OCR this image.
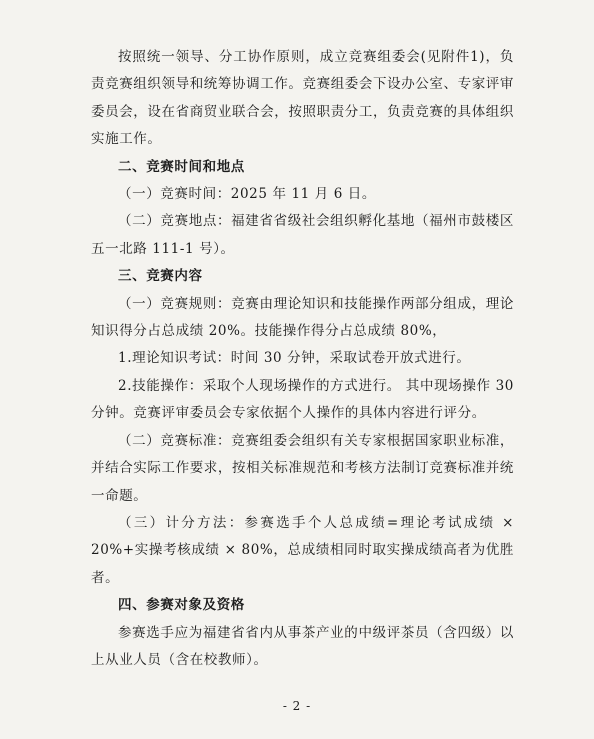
按照统一领导、分工协作原则，成立竞赛组委会(见附件1)，负责竞赛组织领导和统筹协调工作。竞赛组委会下设办公室、专家评审委员会，设在省商贸业联合会，按照职责分工，负责竞赛的具体组织实施工作。

二、竞赛时间和地点

（一）竞赛时间：2025 年 11 月 6 日。

（二）竞赛地点：福建省省级社会组织孵化基地（福州市鼓楼区五一北路 111-1 号）。

三、竞赛内容

（一）竞赛规则：竞赛由理论知识和技能操作两部分组成，理论知识得分占总成绩 20%。技能操作得分占总成绩 80%，

1.理论知识考试：时间 30 分钟，采取试卷开放式进行。

2.技能操作：采取个人现场操作的方式进行。 其中现场操作 30 分钟。竞赛评审委员会专家依据个人操作的具体内容进行评分。

（二）竞赛标准：竞赛组委会组织有关专家根据国家职业标准，并结合实际工作要求，按相关标准规范和考核方法制订竞赛标准并统一命题。

（三）计分方法：参赛选手个人总成绩=理论考试成绩 × 20%+实操考核成绩 × 80%，总成绩相同时取实操成绩高者为优胜者。

四、参赛对象及资格

参赛选手应为福建省省内从事茶产业的中级评茶员（含四级）以上从业人员（含在校教师）。

- 2 -
